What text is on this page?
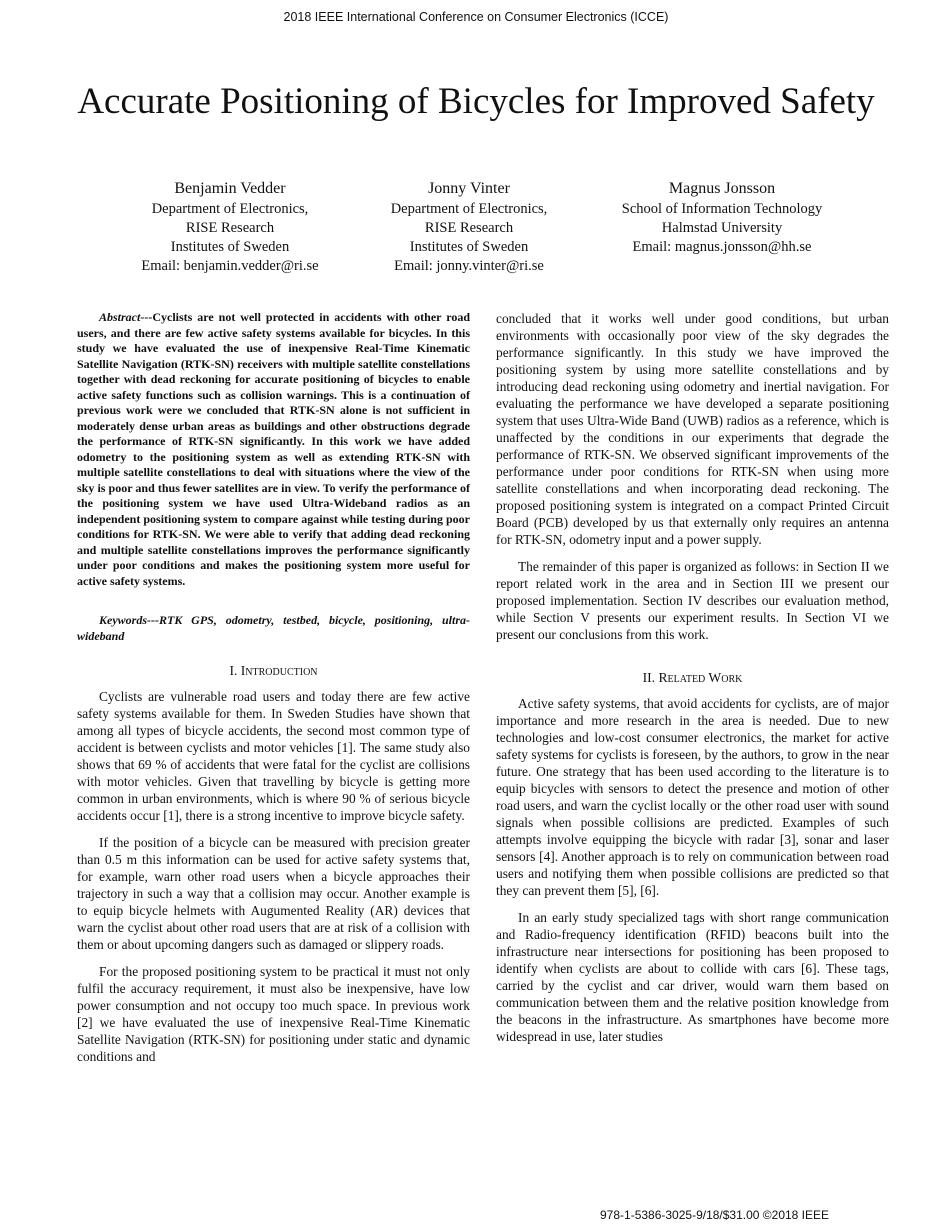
2018 IEEE International Conference on Consumer Electronics (ICCE)
Accurate Positioning of Bicycles for Improved Safety
Benjamin Vedder
Department of Electronics,
RISE Research
Institutes of Sweden
Email: benjamin.vedder@ri.se
Jonny Vinter
Department of Electronics,
RISE Research
Institutes of Sweden
Email: jonny.vinter@ri.se
Magnus Jonsson
School of Information Technology
Halmstad University
Email: magnus.jonsson@hh.se

Abstract---Cyclists are not well protected in accidents with other road users, and there are few active safety systems available for bicycles. In this study we have evaluated the use of inexpensive Real-Time Kinematic Satellite Navigation (RTK-SN) receivers with multiple satellite constellations together with dead reckoning for accurate positioning of bicycles to enable active safety functions such as collision warnings. This is a continuation of previous work were we concluded that RTK-SN alone is not sufficient in moderately dense urban areas as buildings and other obstructions degrade the performance of RTK-SN significantly. In this work we have added odometry to the positioning system as well as extending RTK-SN with multiple satellite constellations to deal with situations where the view of the sky is poor and thus fewer satellites are in view. To verify the performance of the positioning system we have used Ultra-Wideband radios as an independent positioning system to compare against while testing during poor conditions for RTK-SN. We were able to verify that adding dead reckoning and multiple satellite constellations improves the performance significantly under poor conditions and makes the positioning system more useful for active safety systems.

Keywords---RTK GPS, odometry, testbed, bicycle, positioning, ultra-wideband

I. Introduction

Cyclists are vulnerable road users and today there are few active safety systems available for them. In Sweden Studies have shown that among all types of bicycle accidents, the second most common type of accident is between cyclists and motor vehicles [1]. The same study also shows that 69 % of accidents that were fatal for the cyclist are collisions with motor vehicles. Given that travelling by bicycle is getting more common in urban environments, which is where 90 % of serious bicycle accidents occur [1], there is a strong incentive to improve bicycle safety.

If the position of a bicycle can be measured with precision greater than 0.5 m this information can be used for active safety systems that, for example, warn other road users when a bicycle approaches their trajectory in such a way that a collision may occur. Another example is to equip bicycle helmets with Augumented Reality (AR) devices that warn the cyclist about other road users that are at risk of a collision with them or about upcoming dangers such as damaged or slippery roads.

For the proposed positioning system to be practical it must not only fulfil the accuracy requirement, it must also be inexpensive, have low power consumption and not occupy too much space. In previous work [2] we have evaluated the use of inexpensive Real-Time Kinematic Satellite Navigation (RTK-SN) for positioning under static and dynamic conditions and

concluded that it works well under good conditions, but urban environments with occasionally poor view of the sky degrades the performance significantly. In this study we have improved the positioning system by using more satellite constellations and by introducing dead reckoning using odometry and inertial navigation. For evaluating the performance we have developed a separate positioning system that uses Ultra-Wide Band (UWB) radios as a reference, which is unaffected by the conditions in our experiments that degrade the performance of RTK-SN. We observed significant improvements of the performance under poor conditions for RTK-SN when using more satellite constellations and when incorporating dead reckoning. The proposed positioning system is integrated on a compact Printed Circuit Board (PCB) developed by us that externally only requires an antenna for RTK-SN, odometry input and a power supply.

The remainder of this paper is organized as follows: in Section II we report related work in the area and in Section III we present our proposed implementation. Section IV describes our evaluation method, while Section V presents our experiment results. In Section VI we present our conclusions from this work.

II. Related Work

Active safety systems, that avoid accidents for cyclists, are of major importance and more research in the area is needed. Due to new technologies and low-cost consumer electronics, the market for active safety systems for cyclists is foreseen, by the authors, to grow in the near future. One strategy that has been used according to the literature is to equip bicycles with sensors to detect the presence and motion of other road users, and warn the cyclist locally or the other road user with sound signals when possible collisions are predicted. Examples of such attempts involve equipping the bicycle with radar [3], sonar and laser sensors [4]. Another approach is to rely on communication between road users and notifying them when possible collisions are predicted so that they can prevent them [5], [6].

In an early study specialized tags with short range communication and Radio-frequency identification (RFID) beacons built into the infrastructure near intersections for positioning has been proposed to identify when cyclists are about to collide with cars [6]. These tags, carried by the cyclist and car driver, would warn them based on communication between them and the relative position knowledge from the beacons in the infrastructure. As smartphones have become more widespread in use, later studies

978-1-5386-3025-9/18/$31.00 ©2018 IEEE
